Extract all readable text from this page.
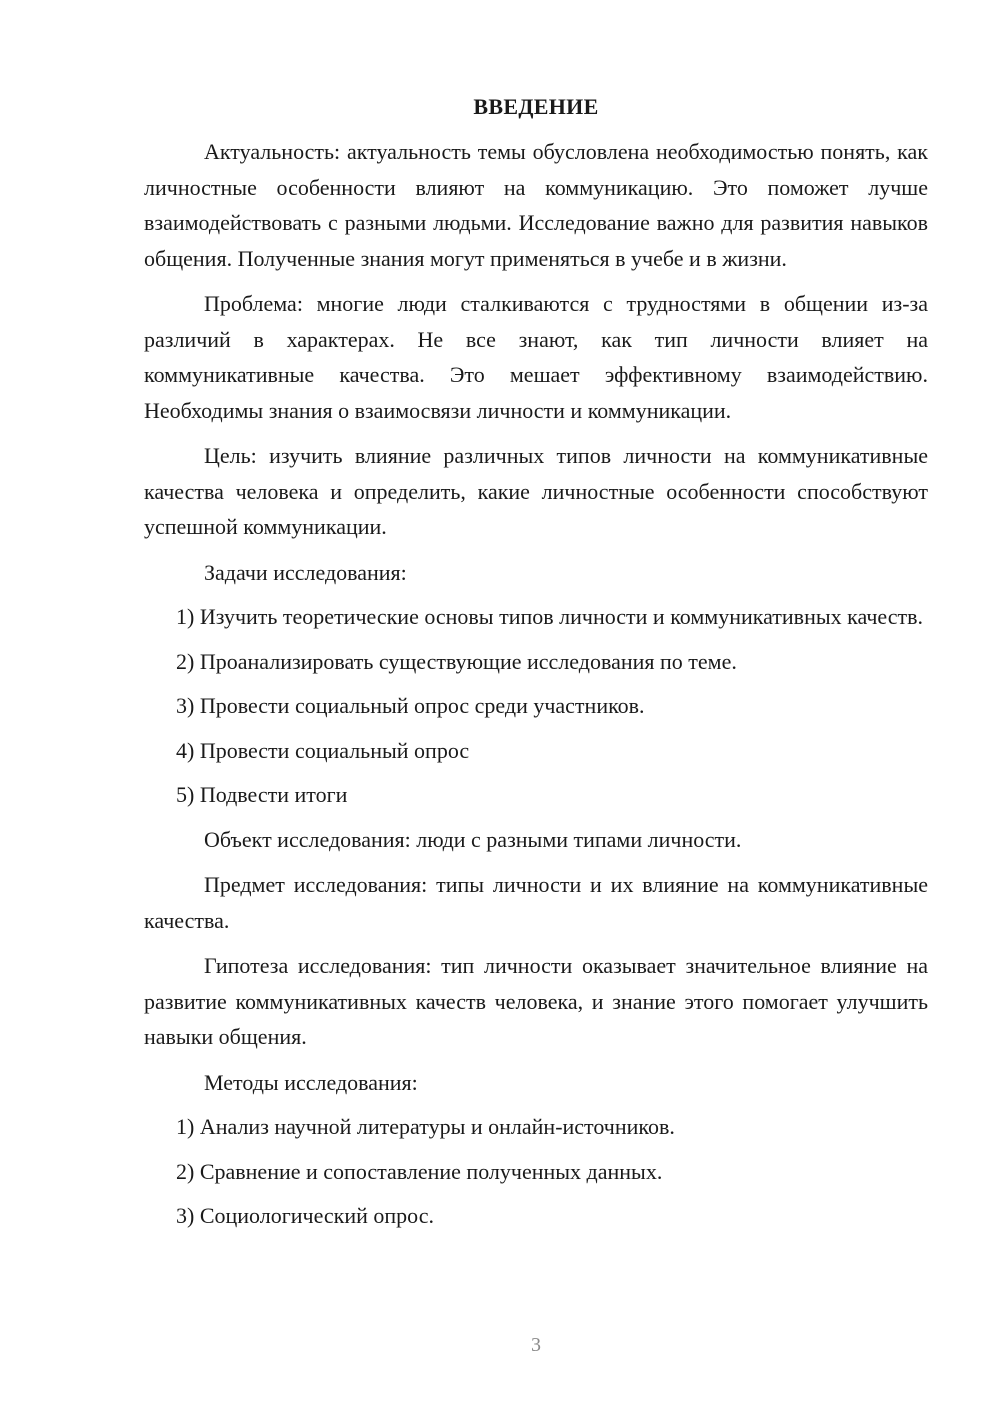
ВВЕДЕНИЕ

Актуальность: актуальность темы обусловлена необходимостью понять, как личностные особенности влияют на коммуникацию. Это поможет лучше взаимодействовать с разными людьми. Исследование важно для развития навыков общения. Полученные знания могут применяться в учебе и в жизни.

Проблема: многие люди сталкиваются с трудностями в общении из-за различий в характерах. Не все знают, как тип личности влияет на коммуникативные качества. Это мешает эффективному взаимодействию. Необходимы знания о взаимосвязи личности и коммуникации.

Цель: изучить влияние различных типов личности на коммуникативные качества человека и определить, какие личностные особенности способствуют успешной коммуникации.

Задачи исследования:

1) Изучить теоретические основы типов личности и коммуникативных качеств.

2) Проанализировать существующие исследования по теме.

3) Провести социальный опрос среди участников.

4) Провести социальный опрос

5) Подвести итоги

Объект исследования: люди с разными типами личности.

Предмет исследования: типы личности и их влияние на коммуникативные качества.

Гипотеза исследования: тип личности оказывает значительное влияние на развитие коммуникативных качеств человека, и знание этого помогает улучшить навыки общения.

Методы исследования:

1) Анализ научной литературы и онлайн-источников.

2) Сравнение и сопоставление полученных данных.

3) Социологический опрос.

3
